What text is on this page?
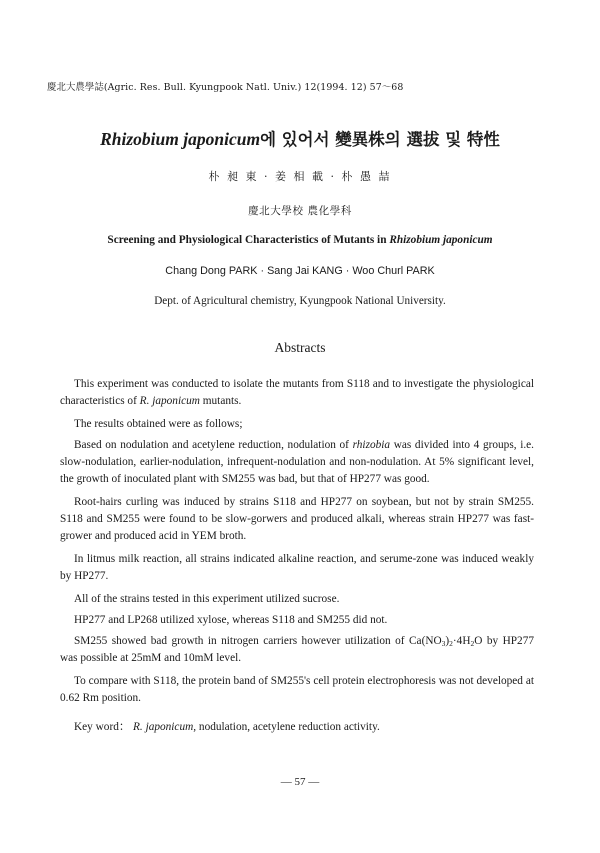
慶北大農學誌(Agric. Res. Bull. Kyungpook Natl. Univ.) 12(1994. 12) 57～68
Rhizobium japonicum에 있어서 變異株의 選拔 및 特性
朴 昶 東 · 姜 相 載 · 朴 愚 喆
慶北大學校 農化學科
Screening and Physiological Characteristics of Mutants in Rhizobium japonicum
Chang Dong PARK · Sang Jai KANG · Woo Churl PARK
Dept. of Agricultural chemistry, Kyungpook National University.
Abstracts

This experiment was conducted to isolate the mutants from S118 and to investigate the physiological characteristics of R. japonicum mutants.

The results obtained were as follows;

Based on nodulation and acetylene reduction, nodulation of rhizobia was divided into 4 groups, i.e. slow-nodulation, earlier-nodulation, infrequent-nodulation and non-nodulation. At 5% significant level, the growth of inoculated plant with SM255 was bad, but that of HP277 was good.

Root-hairs curling was induced by strains S118 and HP277 on soybean, but not by strain SM255. S118 and SM255 were found to be slow-gorwers and produced alkali, whereas strain HP277 was fast-grower and produced acid in YEM broth.

In litmus milk reaction, all strains indicated alkaline reaction, and serume-zone was induced weakly by HP277.

All of the strains tested in this experiment utilized sucrose.

HP277 and LP268 utilized xylose, whereas S118 and SM255 did not.

SM255 showed bad growth in nitrogen carriers however utilization of $Ca(NO_3)_2\cdot 4H_2O$ by HP277 was possible at 25mM and 10mM level.

To compare with S118, the protein band of SM255's cell protein electrophoresis was not developed at 0.62 Rm position.

Key word： R. japonicum, nodulation, acetylene reduction activity.

— 57 —
